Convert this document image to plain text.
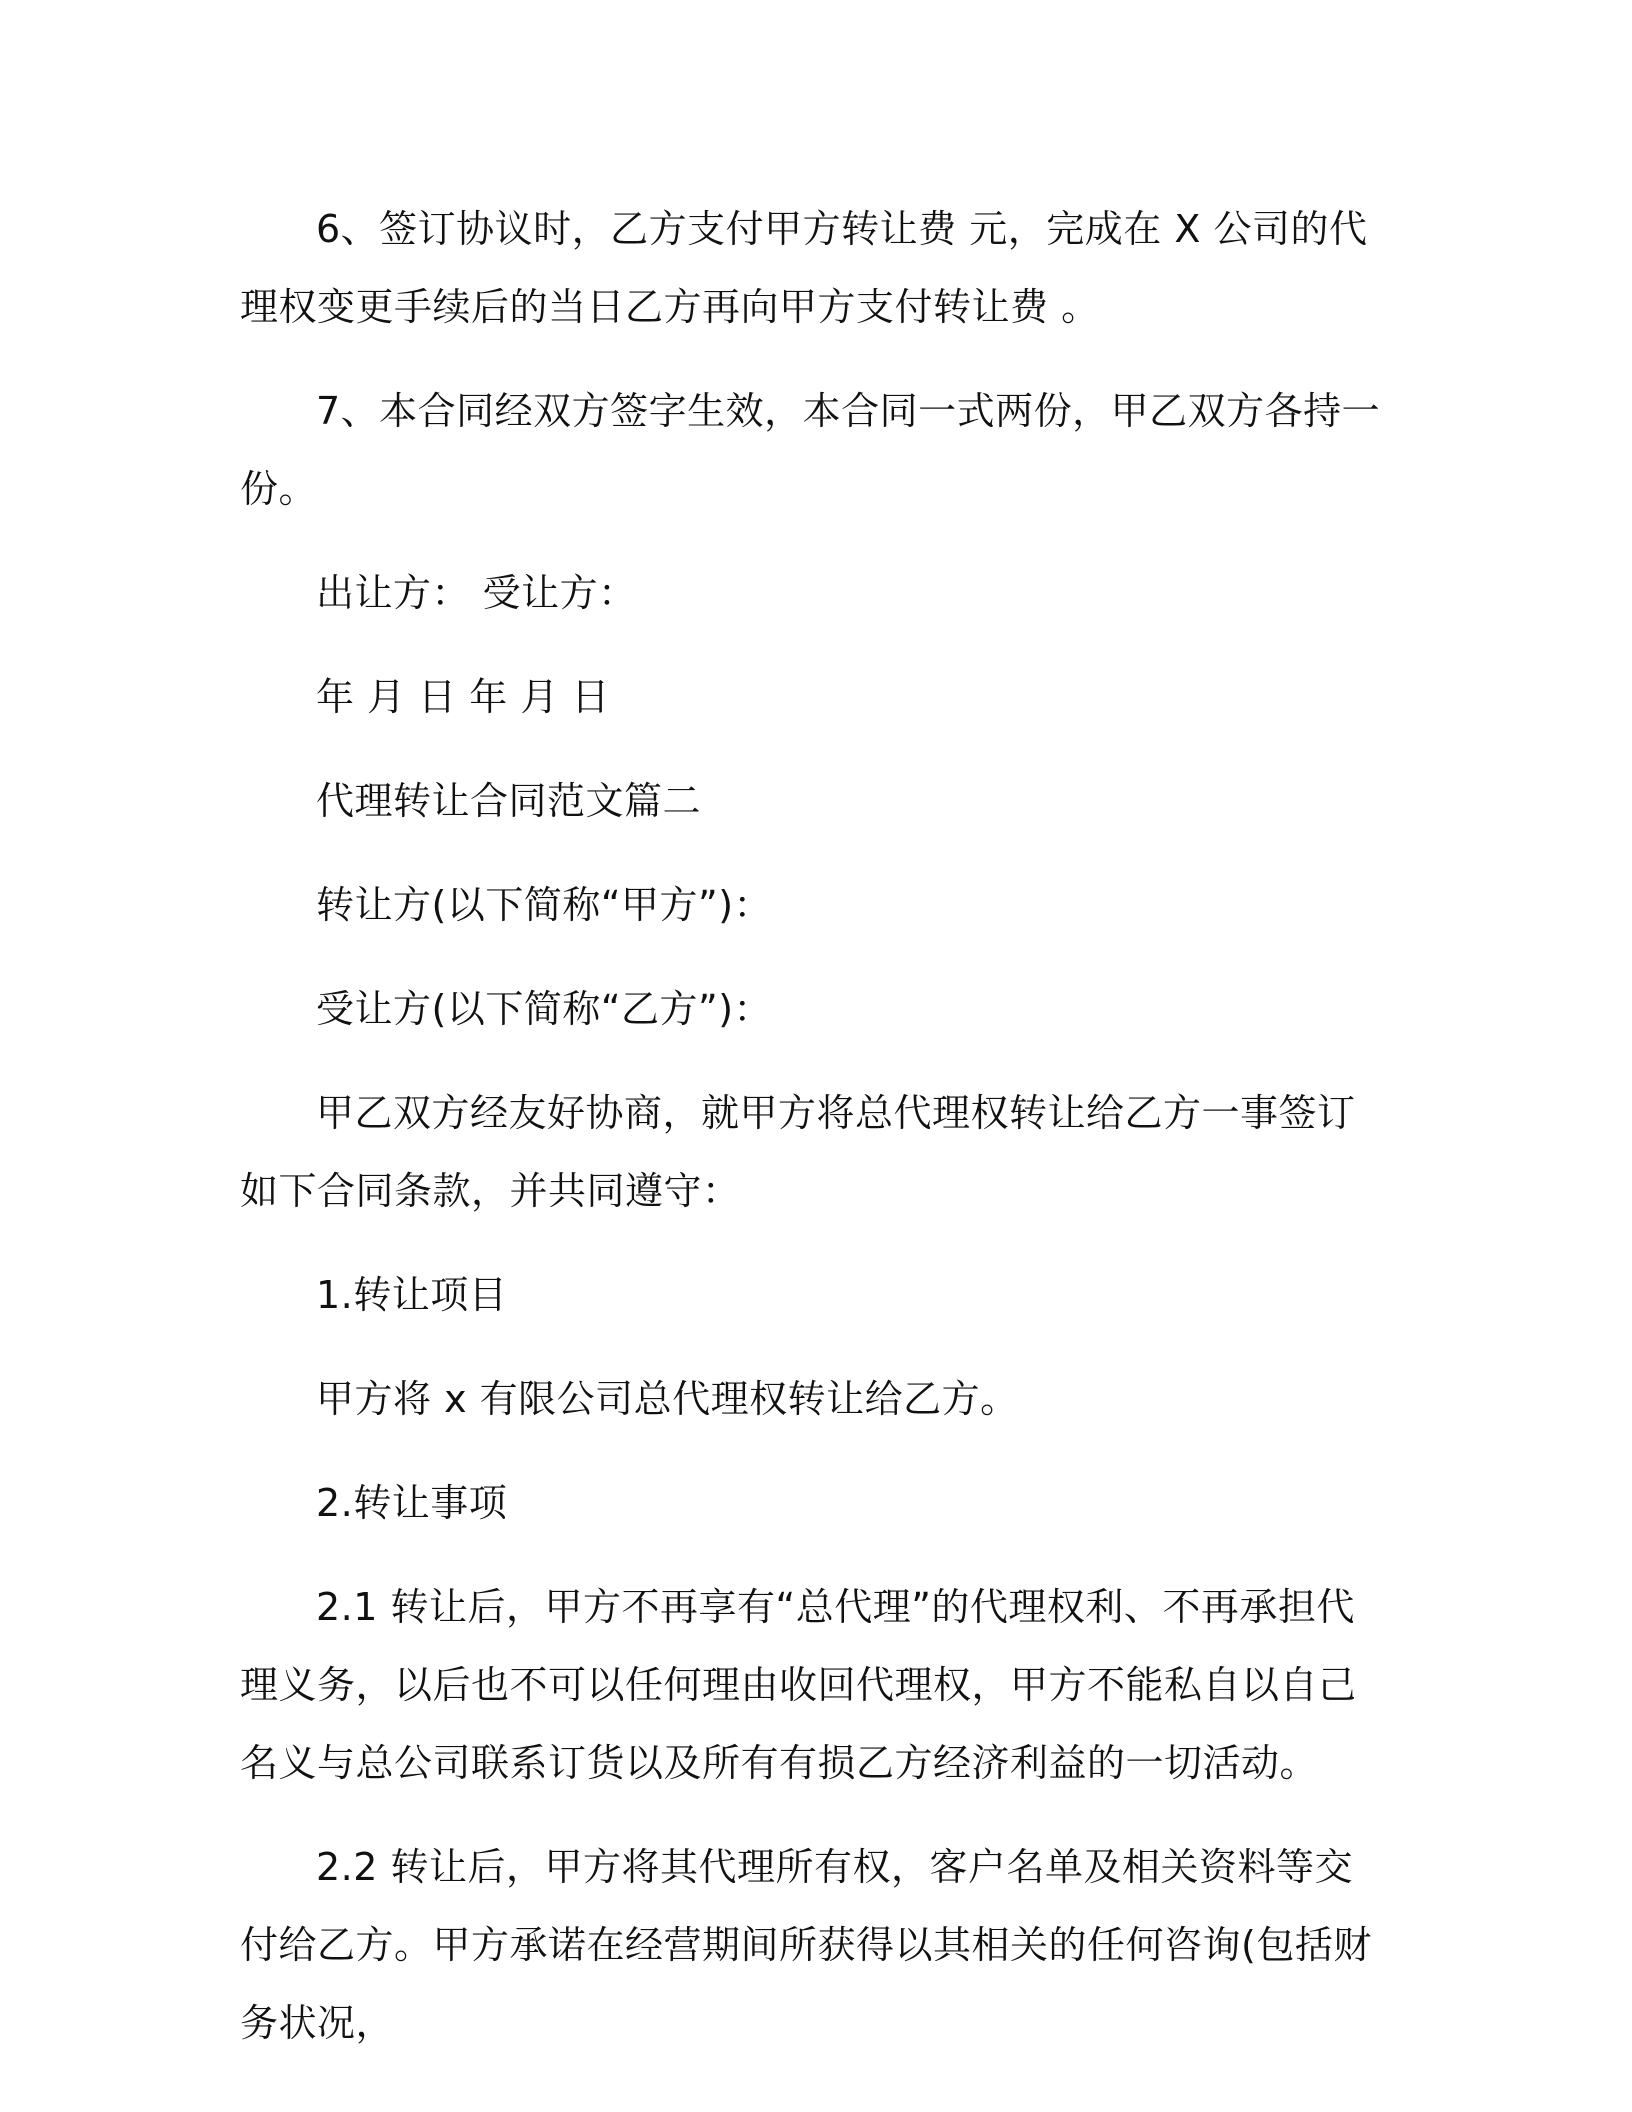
6、签订协议时，乙方支付甲方转让费 元，完成在 X 公司的代理权变更手续后的当日乙方再向甲方支付转让费 。

7、本合同经双方签字生效，本合同一式两份，甲乙双方各持一份。

出让方： 受让方：

年 月 日 年 月 日

代理转让合同范文篇二

转让方(以下简称“甲方”)：

受让方(以下简称“乙方”)：

甲乙双方经友好协商，就甲方将总代理权转让给乙方一事签订如下合同条款，并共同遵守：

1.转让项目

甲方将 x 有限公司总代理权转让给乙方。

2.转让事项

2.1 转让后，甲方不再享有“总代理”的代理权利、不再承担代理义务，以后也不可以任何理由收回代理权，甲方不能私自以自己名义与总公司联系订货以及所有有损乙方经济利益的一切活动。

2.2 转让后，甲方将其代理所有权，客户名单及相关资料等交付给乙方。甲方承诺在经营期间所获得以其相关的任何咨询(包括财务状况，
